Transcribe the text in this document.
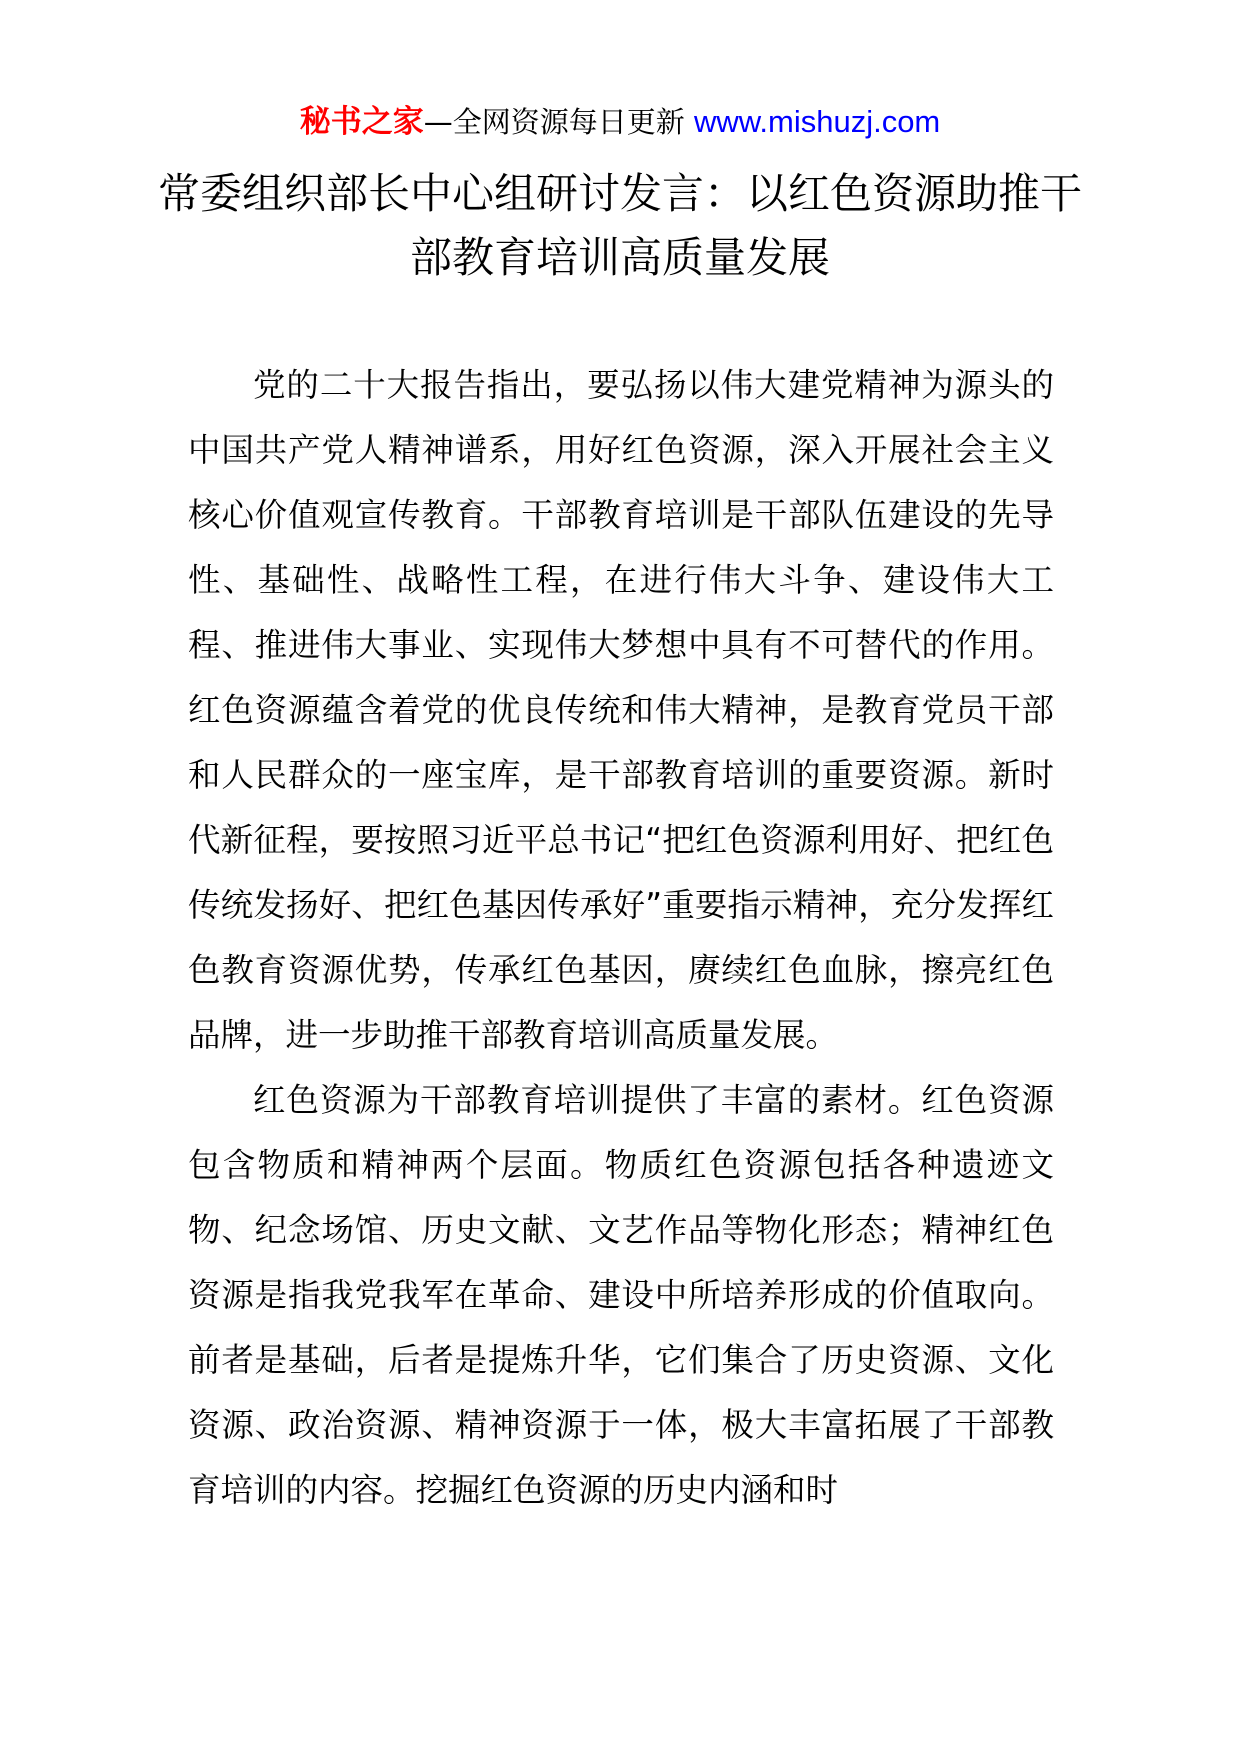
秘书之家—全网资源每日更新 www.mishuzj.com
常委组织部长中心组研讨发言：以红色资源助推干部教育培训高质量发展

党的二十大报告指出，要弘扬以伟大建党精神为源头的中国共产党人精神谱系，用好红色资源，深入开展社会主义核心价值观宣传教育。干部教育培训是干部队伍建设的先导性、基础性、战略性工程，在进行伟大斗争、建设伟大工程、推进伟大事业、实现伟大梦想中具有不可替代的作用。红色资源蕴含着党的优良传统和伟大精神，是教育党员干部和人民群众的一座宝库，是干部教育培训的重要资源。新时代新征程，要按照习近平总书记“把红色资源利用好、把红色传统发扬好、把红色基因传承好”重要指示精神，充分发挥红色教育资源优势，传承红色基因，赓续红色血脉，擦亮红色品牌，进一步助推干部教育培训高质量发展。

红色资源为干部教育培训提供了丰富的素材。红色资源包含物质和精神两个层面。物质红色资源包括各种遗迹文物、纪念场馆、历史文献、文艺作品等物化形态；精神红色资源是指我党我军在革命、建设中所培养形成的价值取向。前者是基础，后者是提炼升华，它们集合了历史资源、文化资源、政治资源、精神资源于一体，极大丰富拓展了干部教育培训的内容。挖掘红色资源的历史内涵和时
